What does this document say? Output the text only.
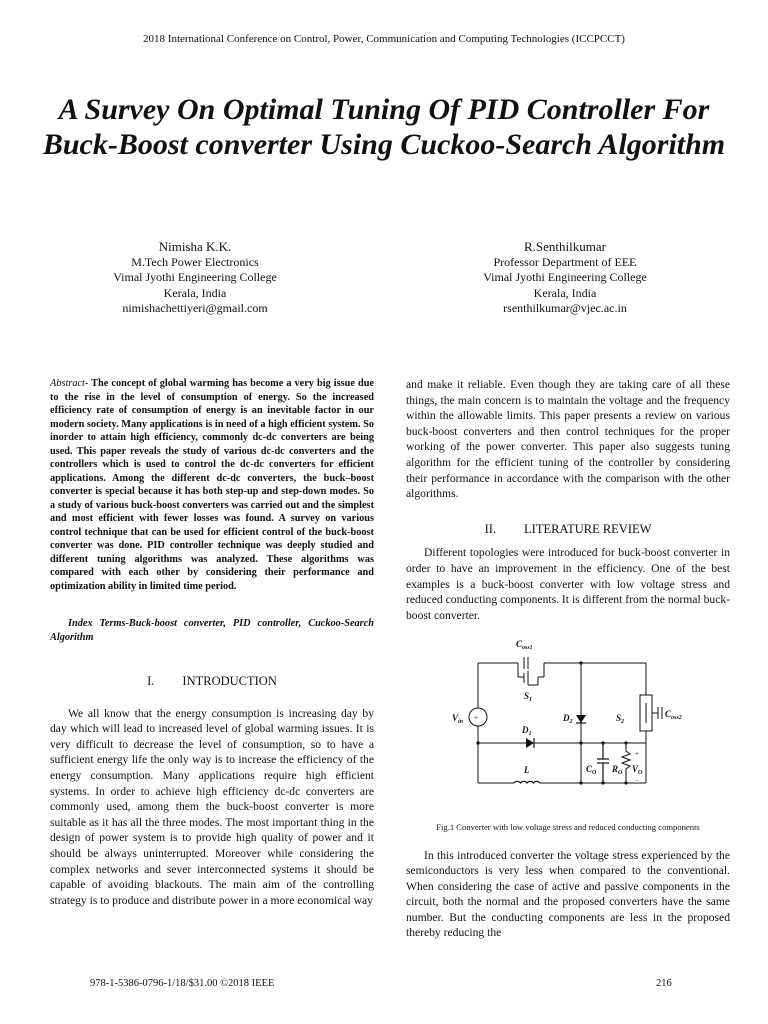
2018 International Conference on Control, Power, Communication and Computing Technologies (ICCPCCT)
A Survey On Optimal Tuning Of PID Controller For Buck-Boost converter Using Cuckoo-Search Algorithm
Nimisha K.K.
M.Tech Power Electronics
Vimal Jyothi Engineering College
Kerala, India
nimishachettiyeri@gmail.com
R.Senthilkumar
Professor Department of EEE
Vimal Jyothi Engineering College
Kerala, India
rsenthilkumar@vjec.ac.in

Abstract- The concept of global warming has become a very big issue due to the rise in the level of consumption of energy. So the increased efficiency rate of consumption of energy is an inevitable factor in our modern society. Many applications is in need of a high efficient system. So inorder to attain high efficiency, commonly dc-dc converters are being used. This paper reveals the study of various dc-dc converters and the controllers which is used to control the dc-dc converters for efficient applications. Among the different dc-dc converters, the buck–boost converter is special because it has both step-up and step-down modes. So a study of various buck-boost converters was carried out and the simplest and most efficient with fewer losses was found. A survey on various control technique that can be used for efficient control of the buck-boost converter was done. PID controller technique was deeply studied and different tuning algorithms was analyzed. These algorithms was compared with each other by considering their performance and optimization ability in limited time period.

Index Terms-Buck-boost converter, PID controller, Cuckoo-Search Algorithm

I. INTRODUCTION

We all know that the energy consumption is increasing day by day which will lead to increased level of global warming issues. It is very difficult to decrease the level of consumption, so to have a sufficient energy life the only way is to increase the efficiency of the energy consumption. Many applications require high efficient systems. In order to achieve high efficiency dc-dc converters are commonly used, among them the buck-boost converter is more suitable as it has all the three modes. The most important thing in the design of power system is to provide high quality of power and it should be always uninterrupted. Moreover while considering the complex networks and sever interconnected systems it should be capable of avoiding blackouts. The main aim of the controlling strategy is to produce and distribute power in a more economical way

and make it reliable. Even though they are taking care of all these things, the main concern is to maintain the voltage and the frequency within the allowable limits. This paper presents a review on various buck-boost converters and then control techniques for the proper working of the power converter. This paper also suggests tuning algorithm for the efficient tuning of the controller by considering their performance in accordance with the comparison with the other algorithms.

II. LITERATURE REVIEW

Different topologies were introduced for buck-boost converter in order to have an improvement in the efficiency. One of the best examples is a buck-boost converter with low voltage stress and reduced conducting components. It is different from the normal buck-boost converter.

+
$C_{oss1}$
$S_1$
$V_{in}$	$D_2$	$S_2$
$C_{oss2}$
$D_1$
L	$C_O$ $R_O$ $V_O$
+
−

Fig.1 Converter with low voltage stress and reduced conducting components

In this introduced converter the voltage stress experienced by the semiconductors is very less when compared to the conventional. When considering the case of active and passive components in the circuit, both the normal and the proposed converters have the same number. But the conducting components are less in the proposed thereby reducing the

978-1-5386-0796-1/18/$31.00 ©2018 IEEE	216
